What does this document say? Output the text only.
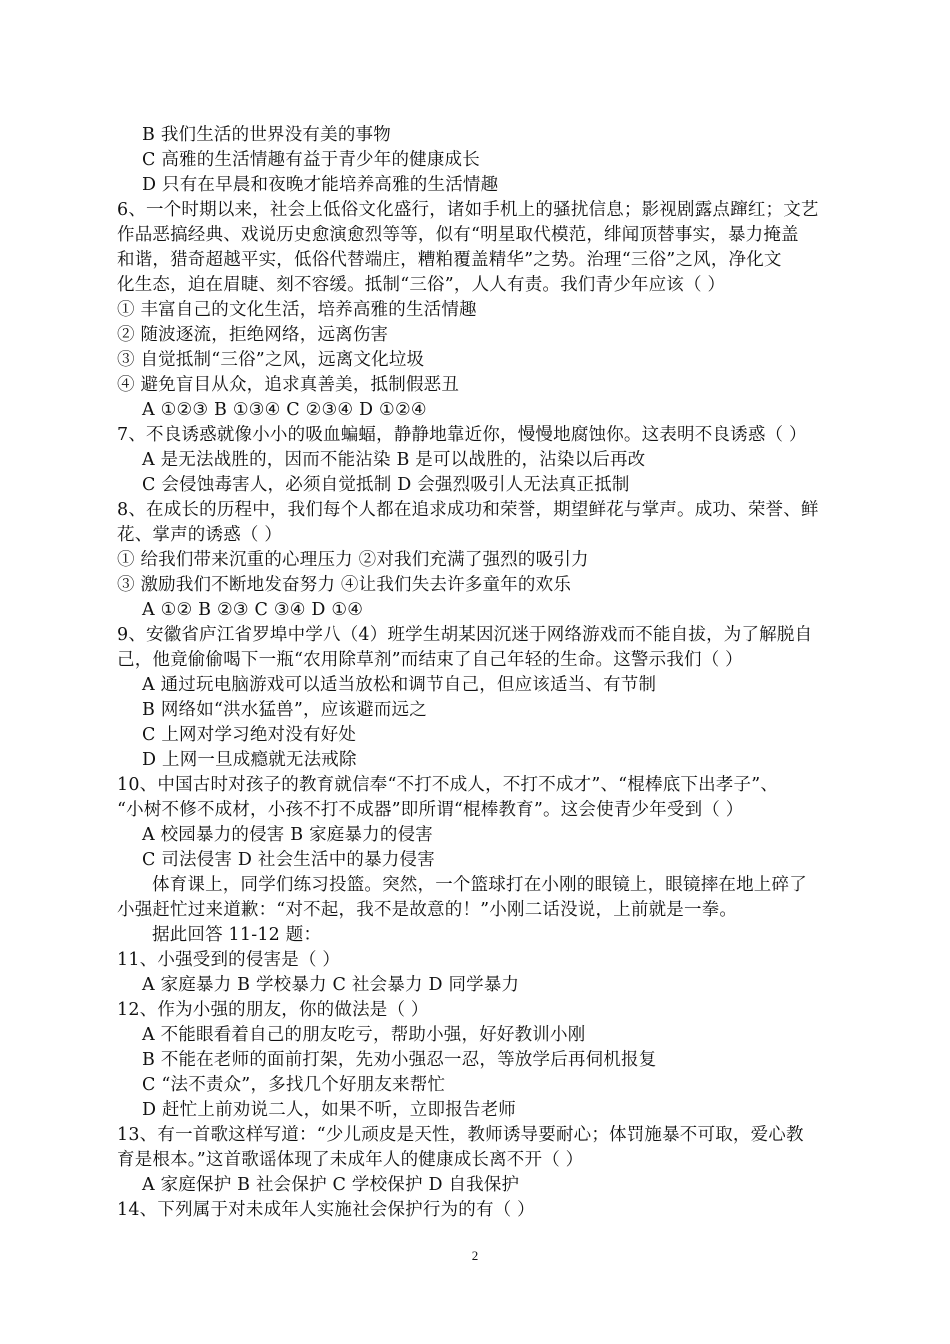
B 我们生活的世界没有美的事物
C 高雅的生活情趣有益于青少年的健康成长
D 只有在早晨和夜晚才能培养高雅的生活情趣
6、一个时期以来，社会上低俗文化盛行，诸如手机上的骚扰信息；影视剧露点蹿红；文艺
作品恶搞经典、戏说历史愈演愈烈等等，似有“明星取代模范，绯闻顶替事实，暴力掩盖
和谐，猎奇超越平实，低俗代替端庄，糟粕覆盖精华”之势。治理“三俗”之风，净化文
化生态，迫在眉睫、刻不容缓。抵制“三俗”，人人有责。我们青少年应该（ ）
① 丰富自己的文化生活，培养高雅的生活情趣
② 随波逐流，拒绝网络，远离伤害
③ 自觉抵制“三俗”之风，远离文化垃圾
④ 避免盲目从众，追求真善美，抵制假恶丑
A ①②③ B ①③④ C ②③④ D ①②④
7、不良诱惑就像小小的吸血蝙蝠，静静地靠近你，慢慢地腐蚀你。这表明不良诱惑（ ）
A 是无法战胜的，因而不能沾染 B 是可以战胜的，沾染以后再改
C 会侵蚀毒害人，必须自觉抵制 D 会强烈吸引人无法真正抵制
8、在成长的历程中，我们每个人都在追求成功和荣誉，期望鲜花与掌声。成功、荣誉、鲜
花、掌声的诱惑（ ）
① 给我们带来沉重的心理压力 ②对我们充满了强烈的吸引力
③ 激励我们不断地发奋努力 ④让我们失去许多童年的欢乐
A ①② B ②③ C ③④ D ①④
9、安徽省庐江省罗埠中学八（4）班学生胡某因沉迷于网络游戏而不能自拔，为了解脱自
己，他竟偷偷喝下一瓶“农用除草剂”而结束了自己年轻的生命。这警示我们（ ）
A 通过玩电脑游戏可以适当放松和调节自己，但应该适当、有节制
B 网络如“洪水猛兽”，应该避而远之
C 上网对学习绝对没有好处
D 上网一旦成瘾就无法戒除
10、中国古时对孩子的教育就信奉“不打不成人，不打不成才”、“棍棒底下出孝子”、
“小树不修不成材，小孩不打不成器”即所谓“棍棒教育”。这会使青少年受到（ ）
A 校园暴力的侵害 B 家庭暴力的侵害
C 司法侵害 D 社会生活中的暴力侵害
体育课上，同学们练习投篮。突然，一个篮球打在小刚的眼镜上，眼镜摔在地上碎了
小强赶忙过来道歉：“对不起，我不是故意的！”小刚二话没说，上前就是一拳。
据此回答 11-12 题：
11、小强受到的侵害是（ ）
A 家庭暴力 B 学校暴力 C 社会暴力 D 同学暴力
12、作为小强的朋友，你的做法是（ ）
A 不能眼看着自己的朋友吃亏，帮助小强，好好教训小刚
B 不能在老师的面前打架，先劝小强忍一忍，等放学后再伺机报复
C “法不责众”，多找几个好朋友来帮忙
D 赶忙上前劝说二人，如果不听，立即报告老师
13、有一首歌这样写道：“少儿顽皮是天性，教师诱导要耐心；体罚施暴不可取，爱心教
育是根本。”这首歌谣体现了未成年人的健康成长离不开（ ）
A 家庭保护 B 社会保护 C 学校保护 D 自我保护
14、下列属于对未成年人实施社会保护行为的有（ ）
2
